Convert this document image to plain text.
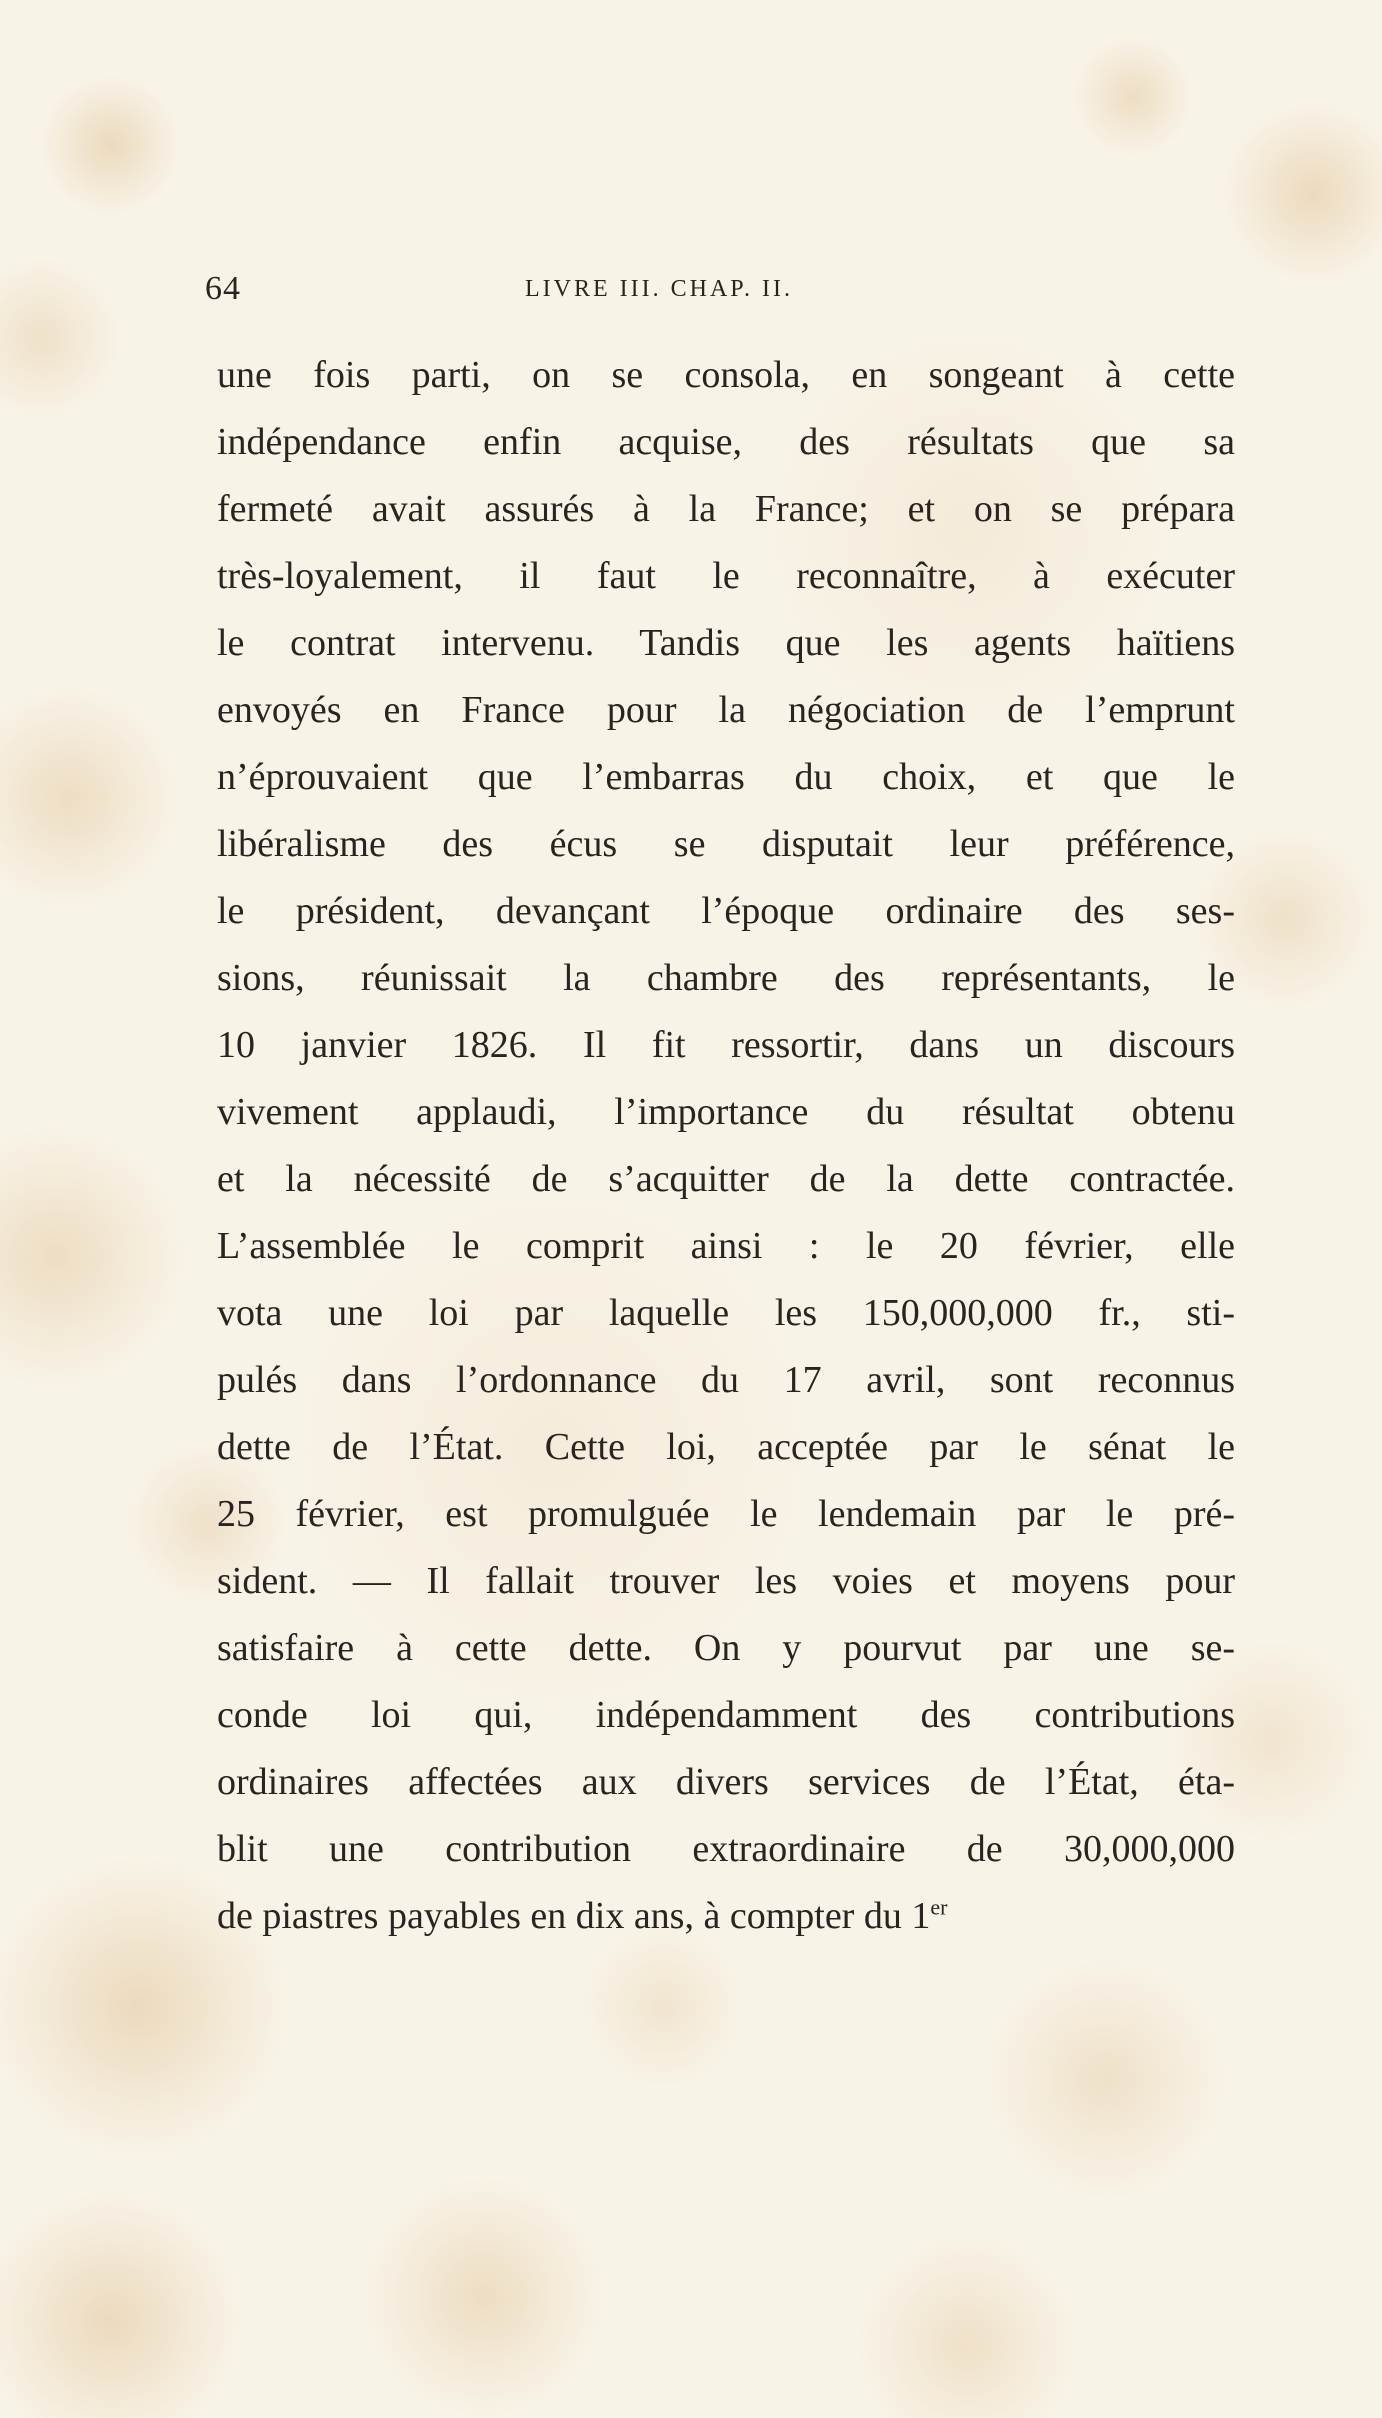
64	LIVRE III. CHAP. II.
une fois parti, on se consola, en songeant à cette
indépendance enfin acquise, des résultats que sa
fermeté avait assurés à la France; et on se prépara
très-loyalement, il faut le reconnaître, à exécuter
le contrat intervenu. Tandis que les agents haïtiens
envoyés en France pour la négociation de l’emprunt
n’éprouvaient que l’embarras du choix, et que le
libéralisme des écus se disputait leur préférence,
le président, devançant l’époque ordinaire des ses-
sions, réunissait la chambre des représentants, le
10 janvier 1826. Il fit ressortir, dans un discours
vivement applaudi, l’importance du résultat obtenu
et la nécessité de s’acquitter de la dette contractée.
L’assemblée le comprit ainsi : le 20 février, elle
vota une loi par laquelle les 150,000,000 fr., sti-
pulés dans l’ordonnance du 17 avril, sont reconnus
dette de l’État. Cette loi, acceptée par le sénat le
25 février, est promulguée le lendemain par le pré-
sident. — Il fallait trouver les voies et moyens pour
satisfaire à cette dette. On y pourvut par une se-
conde loi qui, indépendamment des contributions
ordinaires affectées aux divers services de l’État, éta-
blit une contribution extraordinaire de 30,000,000
de piastres payables en dix ans, à compter du 1er
